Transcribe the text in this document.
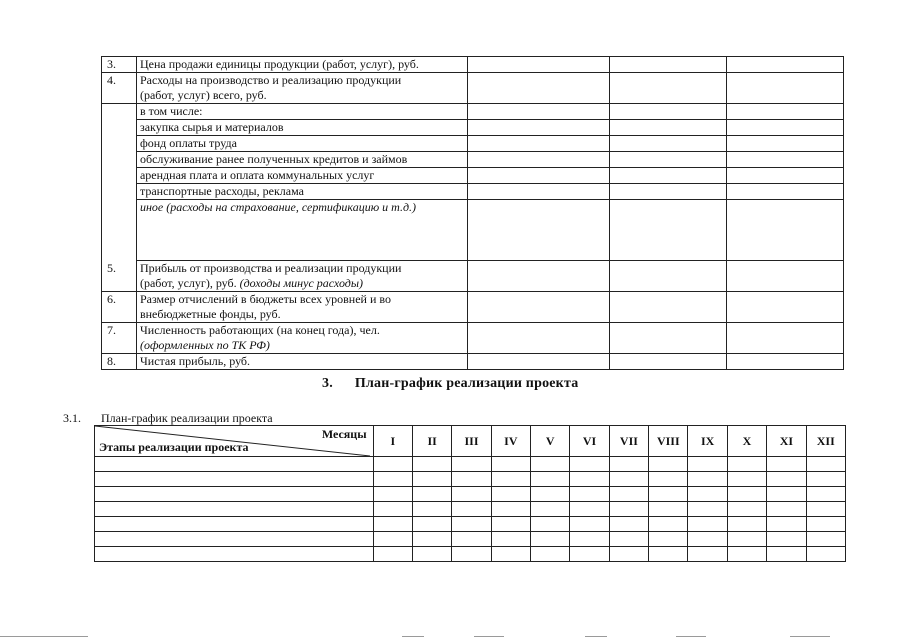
3.	Цена продажи единицы продукции (работ, услуг), руб.			

4.	Расходы на производство и реализацию продукции
(работ, услуг) всего, руб.			

	в том числе:			

	закупка сырья и материалов			

	фонд оплаты труда			

	обслуживание ранее полученных кредитов и займов			

	арендная плата и оплата коммунальных услуг			

	транспортные расходы, реклама			

	иное (расходы на страхование, сертификацию и т.д.)			

5.	Прибыль от производства и реализации продукции
(работ, услуг), руб. (доходы минус расходы)			

6.	Размер отчислений в бюджеты всех уровней и во
внебюджетные фонды, руб.			

7.	Численность работающих (на конец года), чел.
(оформленных по ТК РФ)			

8.	Чистая прибыль, руб.			

3. План-график реализации проекта
3.1. План-график реализации проекта
Месяцы
Этапы реализации проекта	I	II	III	IV	V	VI	VII	VIII	IX	X	XI	XII
